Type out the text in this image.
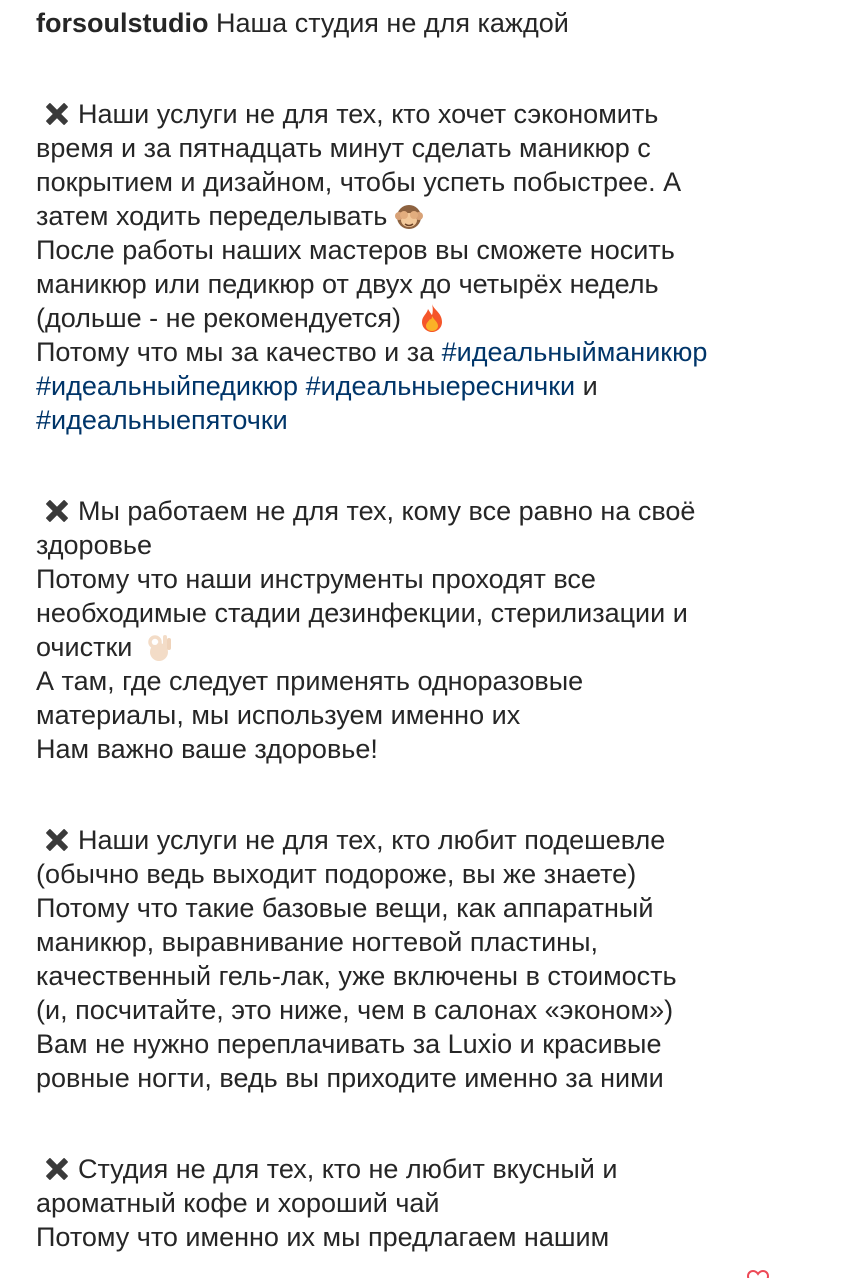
forsoulstudio Наша студия не для каждой
Наши услуги не для тех, кто хочет сэкономить
время и за пятнадцать минут сделать маникюр с
покрытием и дизайном, чтобы успеть побыстрее. А
затем ходить переделывать
После работы наших мастеров вы сможете носить
маникюр или педикюр от двух до четырёх недель
(дольше - не рекомендуется)
Потому что мы за качество и за #идеальныйманикюр
#идеальныйпедикюр #идеальныереснички и
#идеальныепяточки
Мы работаем не для тех, кому все равно на своё
здоровье
Потому что наши инструменты проходят все
необходимые стадии дезинфекции, стерилизации и
очистки
А там, где следует применять одноразовые
материалы, мы используем именно их
Нам важно ваше здоровье!
Наши услуги не для тех, кто любит подешевле
(обычно ведь выходит подороже, вы же знаете)
Потому что такие базовые вещи, как аппаратный
маникюр, выравнивание ногтевой пластины,
качественный гель-лак, уже включены в стоимость
(и, посчитайте, это ниже, чем в салонах «эконом»)
Вам не нужно переплачивать за Luxio и красивые
ровные ногти, ведь вы приходите именно за ними
Студия не для тех, кто не любит вкусный и
ароматный кофе и хороший чай
Потому что именно их мы предлагаем нашим
